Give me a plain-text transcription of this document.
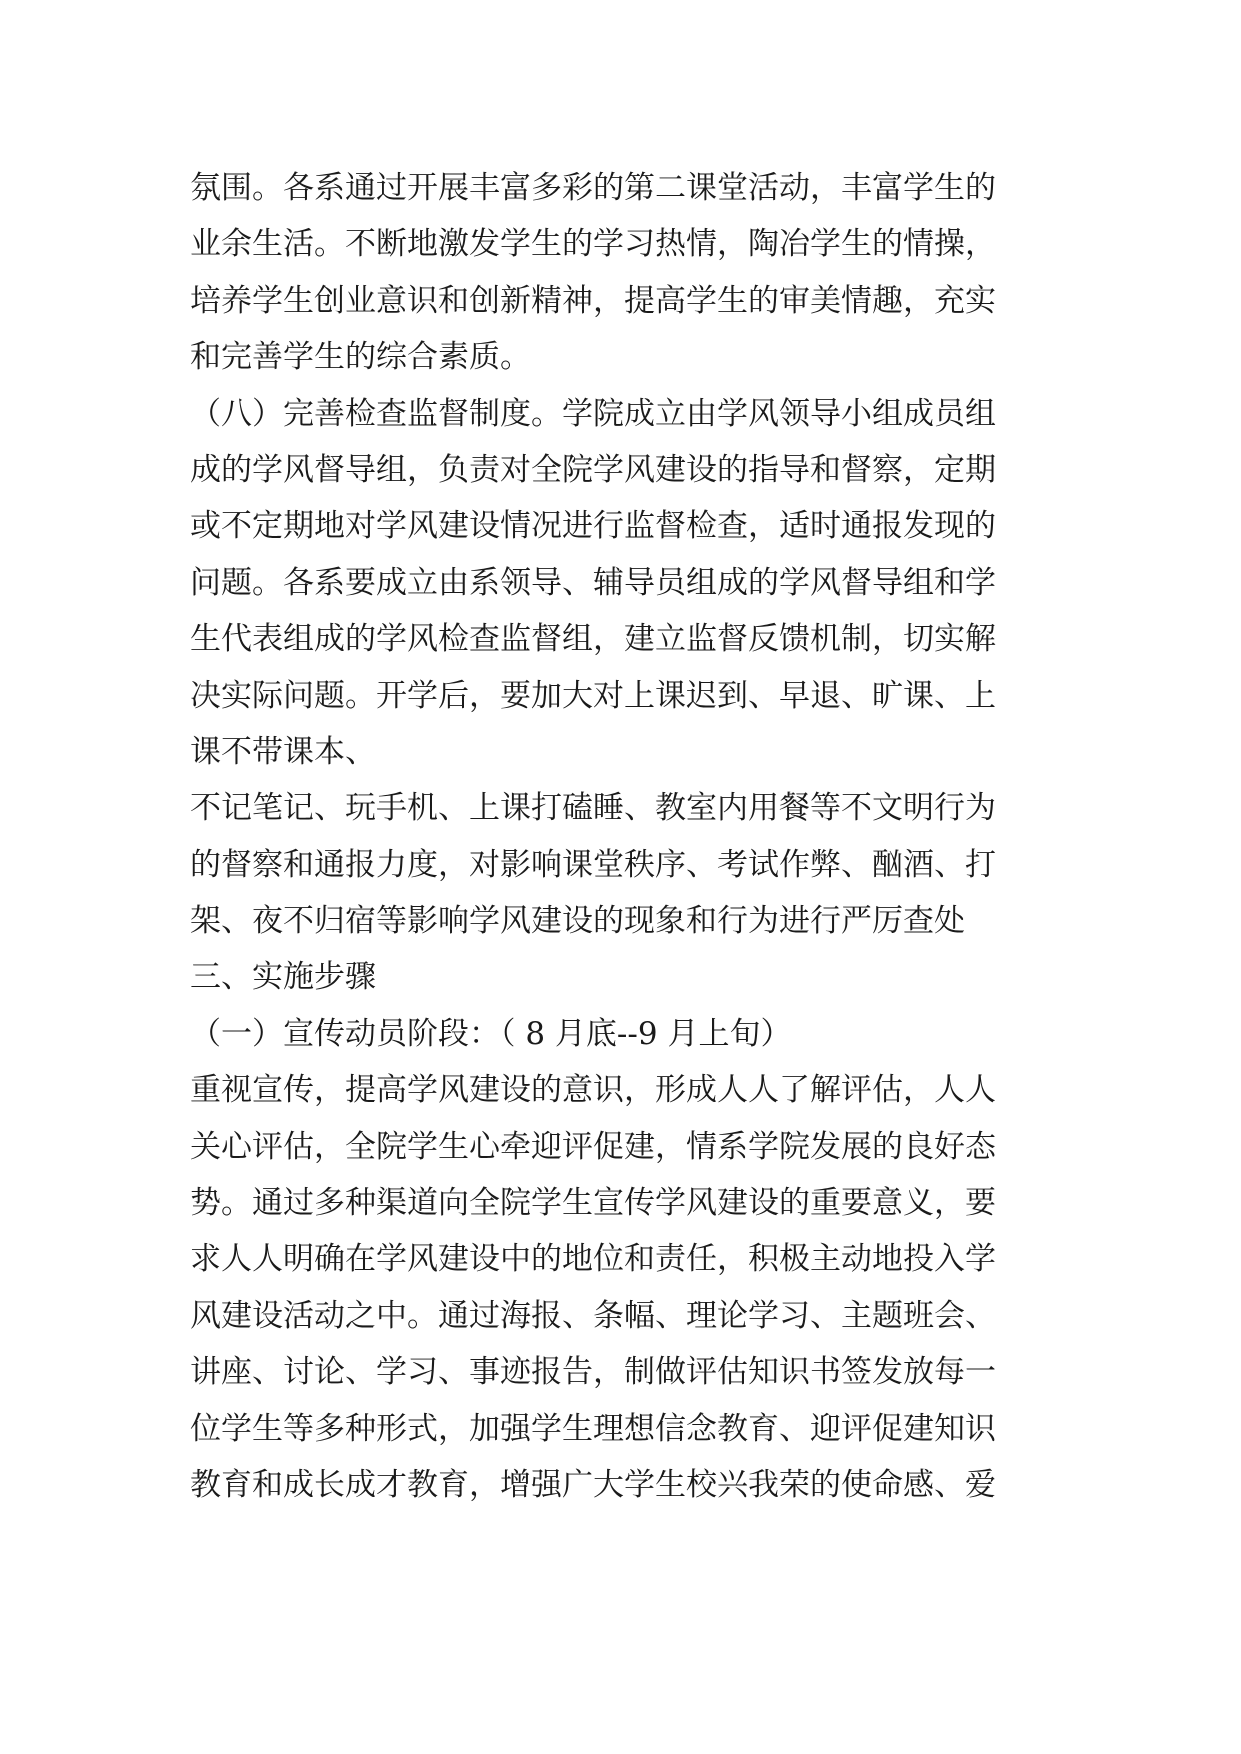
氛围。各系通过开展丰富多彩的第二课堂活动，丰富学生的
业余生活。不断地激发学生的学习热情，陶冶学生的情操，
培养学生创业意识和创新精神，提高学生的审美情趣，充实
和完善学生的综合素质。
（八）完善检查监督制度。学院成立由学风领导小组成员组
成的学风督导组，负责对全院学风建设的指导和督察，定期
或不定期地对学风建设情况进行监督检查，适时通报发现的
问题。各系要成立由系领导、辅导员组成的学风督导组和学
生代表组成的学风检查监督组，建立监督反馈机制，切实解
决实际问题。开学后，要加大对上课迟到、早退、旷课、上
课不带课本、
不记笔记、玩手机、上课打磕睡、教室内用餐等不文明行为
的督察和通报力度，对影响课堂秩序、考试作弊、酗酒、打
架、夜不归宿等影响学风建设的现象和行为进行严厉查处
三、实施步骤
（一）宣传动员阶段：（ 8 月底--9 月上旬）
重视宣传，提高学风建设的意识，形成人人了解评估，人人
关心评估，全院学生心牵迎评促建，情系学院发展的良好态
势。通过多种渠道向全院学生宣传学风建设的重要意义，要
求人人明确在学风建设中的地位和责任，积极主动地投入学
风建设活动之中。通过海报、条幅、理论学习、主题班会、
讲座、讨论、学习、事迹报告，制做评估知识书签发放每一
位学生等多种形式，加强学生理想信念教育、迎评促建知识
教育和成长成才教育，增强广大学生校兴我荣的使命感、爱
